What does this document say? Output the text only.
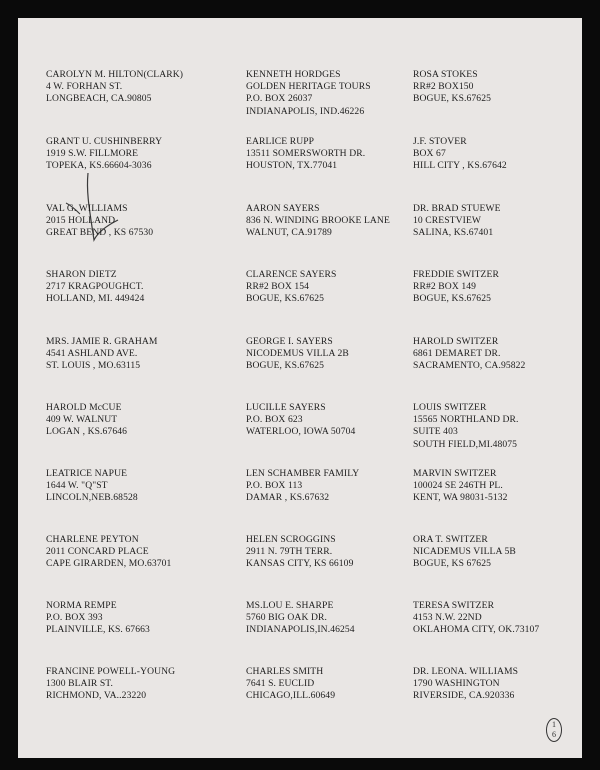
CAROLYN M. HILTON(CLARK)
4 W. FORHAN ST.
LONGBEACH, CA.90805
KENNETH HORDGES
GOLDEN HERITAGE TOURS
P.O. BOX 26037
INDIANAPOLIS, IND.46226
ROSA STOKES
RR#2 BOX150
BOGUE, KS.67625
GRANT U. CUSHINBERRY
1919 S.W. FILLMORE
TOPEKA, KS.66604-3036
EARLICE RUPP
13511 SOMERSWORTH DR.
HOUSTON, TX.77041
J.F. STOVER
BOX 67
HILL CITY , KS.67642
VAL G. WILLIAMS
2015 HOLLAND
GREAT BEND , KS 67530
AARON SAYERS
836 N. WINDING BROOKE LANE
WALNUT, CA.91789
DR. BRAD STUEWE
10 CRESTVIEW
SALINA, KS.67401
SHARON DIETZ
2717 KRAGPOUGHCT.
HOLLAND, MI. 449424
CLARENCE SAYERS
RR#2 BOX 154
BOGUE, KS.67625
FREDDIE SWITZER
RR#2 BOX 149
BOGUE, KS.67625
MRS. JAMIE R. GRAHAM
4541 ASHLAND AVE.
ST. LOUIS , MO.63115
GEORGE I. SAYERS
NICODEMUS VILLA 2B
BOGUE, KS.67625
HAROLD SWITZER
6861 DEMARET DR.
SACRAMENTO, CA.95822
HAROLD McCUE
409 W. WALNUT
LOGAN , KS.67646
LUCILLE SAYERS
P.O. BOX 623
WATERLOO, IOWA 50704
LOUIS SWITZER
15565 NORTHLAND DR.
SUITE 403
SOUTH FIELD,MI.48075
LEATRICE NAPUE
1644 W. "Q"ST
LINCOLN,NEB.68528
LEN SCHAMBER FAMILY
P.O. BOX 113
DAMAR , KS.67632
MARVIN SWITZER
100024 SE 246TH PL.
KENT, WA 98031-5132
CHARLENE PEYTON
2011 CONCARD PLACE
CAPE GIRARDEN, MO.63701
HELEN SCROGGINS
2911 N. 79TH TERR.
KANSAS CITY, KS 66109
ORA T. SWITZER
NICADEMUS VILLA 5B
BOGUE, KS 67625
NORMA REMPE
P.O. BOX 393
PLAINVILLE, KS. 67663
MS.LOU E. SHARPE
5760 BIG OAK DR.
INDIANAPOLIS,IN.46254
TERESA SWITZER
4153 N.W. 22ND
OKLAHOMA CITY, OK.73107
FRANCINE POWELL-YOUNG
1300 BLAIR ST.
RICHMOND, VA..23220
CHARLES SMITH
7641 S. EUCLID
CHICAGO,ILL.60649
DR. LEONA. WILLIAMS
1790 WASHINGTON
RIVERSIDE, CA.920336
1
6
